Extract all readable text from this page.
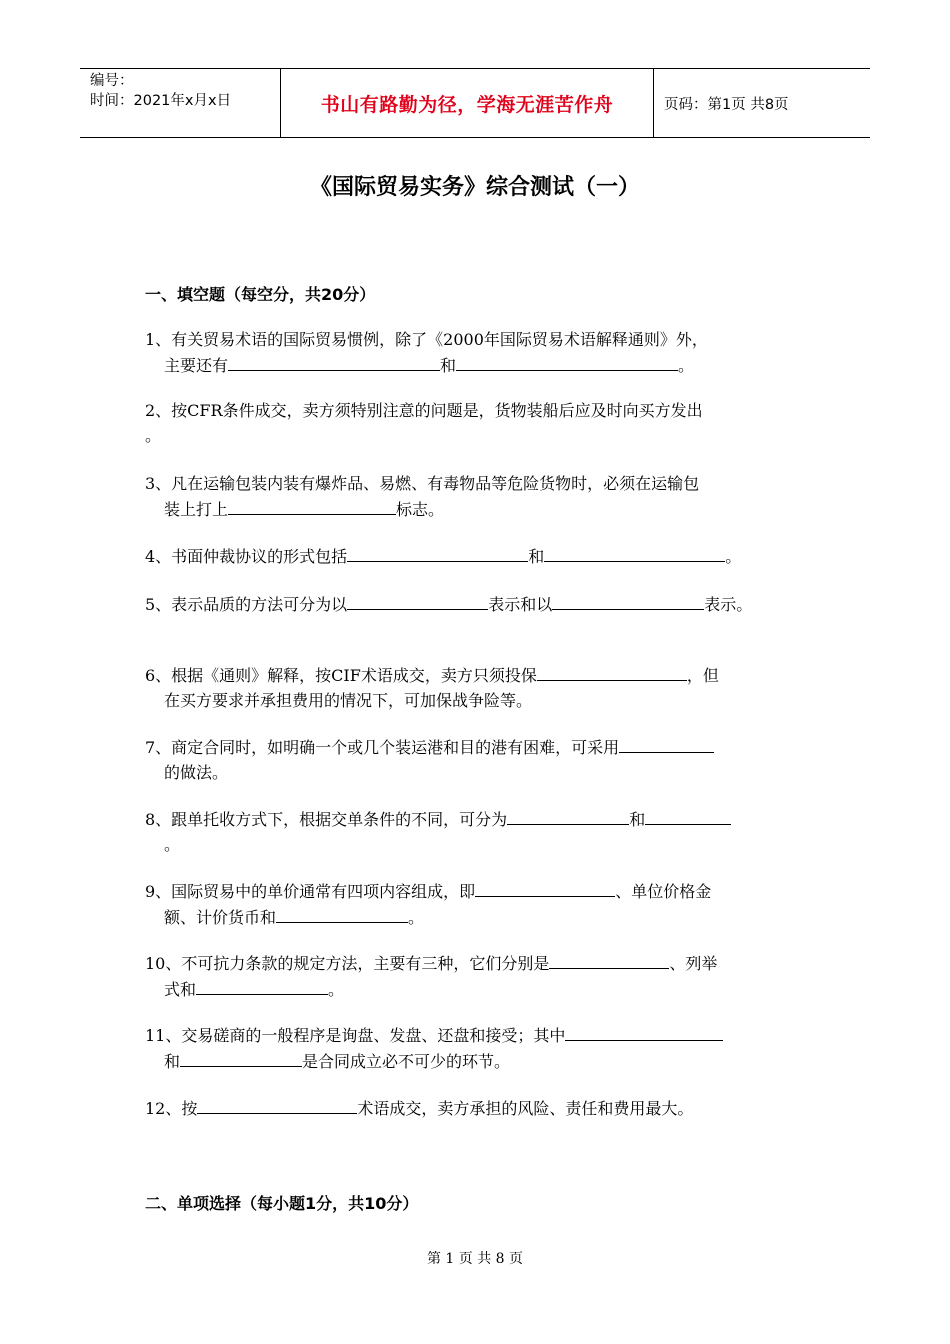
编号：
时间：2021年x月x日	书山有路勤为径，学海无涯苦作舟	页码：第1页 共8页
《国际贸易实务》综合测试（一）
一、填空题（每空分，共20分）
1、有关贸易术语的国际贸易惯例，除了《2000年国际贸易术语解释通则》外，
主要还有	和	。
2、按CFR条件成交，卖方须特别注意的问题是，货物装船后应及时向买方发出
。
3、凡在运输包装内装有爆炸品、易燃、有毒物品等危险货物时，必须在运输包
装上打上	标志。
4、书面仲裁协议的形式包括	和	。
5、表示品质的方法可分为以	表示和以	表示。
6、根据《通则》解释，按CIF术语成交，卖方只须投保	，但
在买方要求并承担费用的情况下，可加保战争险等。
7、商定合同时，如明确一个或几个装运港和目的港有困难，可采用
的做法。
8、跟单托收方式下，根据交单条件的不同，可分为	和
。
9、国际贸易中的单价通常有四项内容组成，即	、单位价格金
额、计价货币和	。
10、不可抗力条款的规定方法，主要有三种，它们分别是	、列举
式和	。
11、交易磋商的一般程序是询盘、发盘、还盘和接受；其中
和	是合同成立必不可少的环节。
12、按	术语成交，卖方承担的风险、责任和费用最大。
二、单项选择（每小题1分，共10分）
第 1 页 共 8 页
